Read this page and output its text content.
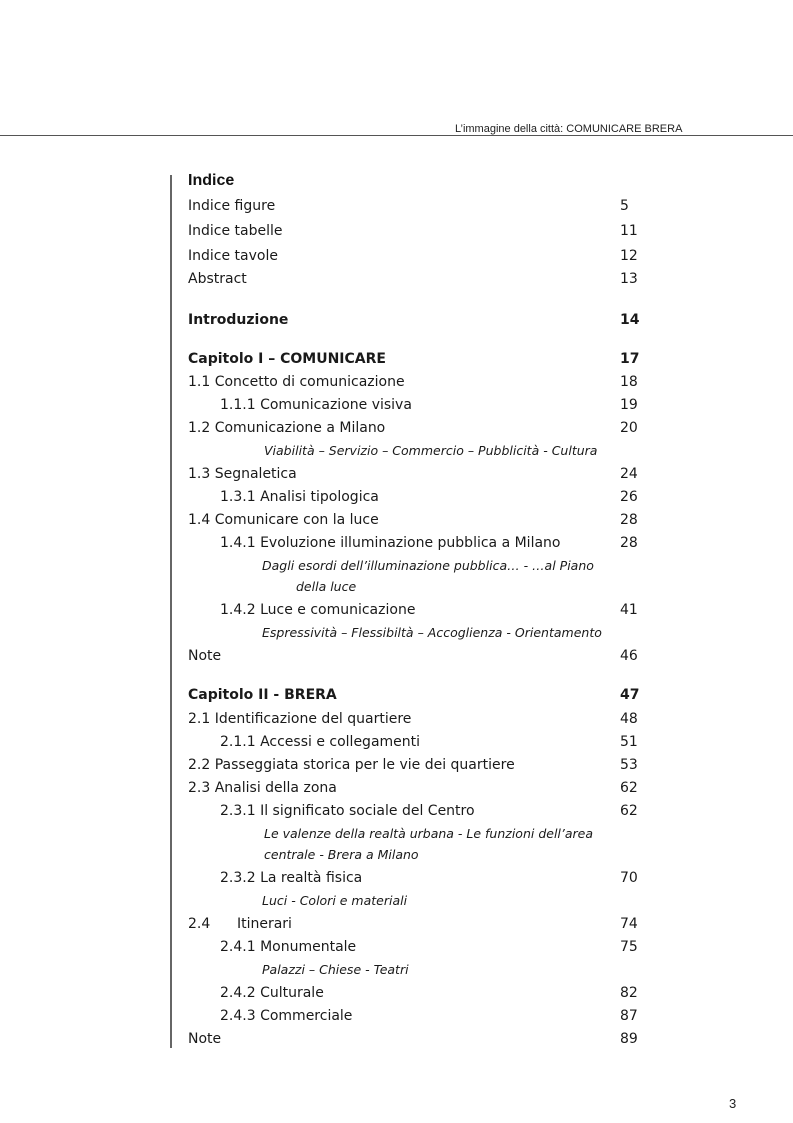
L’immagine della città: COMUNICARE BRERA
Indice
Indice figure	5
Indice tabelle	11
Indice tavole	12
Abstract	13
Introduzione	14
Capitolo I – COMUNICARE	17
1.1 Concetto di comunicazione	18
1.1.1 Comunicazione visiva	19
1.2 Comunicazione a Milano	20
Viabilità – Servizio – Commercio – Pubblicità - Cultura
1.3 Segnaletica	24
1.3.1 Analisi tipologica	26
1.4 Comunicare con la luce	28
1.4.1 Evoluzione illuminazione pubblica a Milano	28
Dagli esordi dell’illuminazione pubblica… - …al Piano
della luce
1.4.2 Luce e comunicazione	41
Espressività – Flessibiltà – Accoglienza - Orientamento
Note	46
Capitolo II - BRERA	47
2.1 Identificazione del quartiere	48
2.1.1 Accessi e collegamenti	51
2.2 Passeggiata storica per le vie dei quartiere	53
2.3 Analisi della zona	62
2.3.1 Il significato sociale del Centro	62
Le valenze della realtà urbana - Le funzioni dell’area
centrale - Brera a Milano
2.3.2 La realtà fisica	70
Luci - Colori e materiali
2.4      Itinerari	74
2.4.1 Monumentale	75
Palazzi – Chiese - Teatri
2.4.2 Culturale	82
2.4.3 Commerciale	87
Note	89
3
